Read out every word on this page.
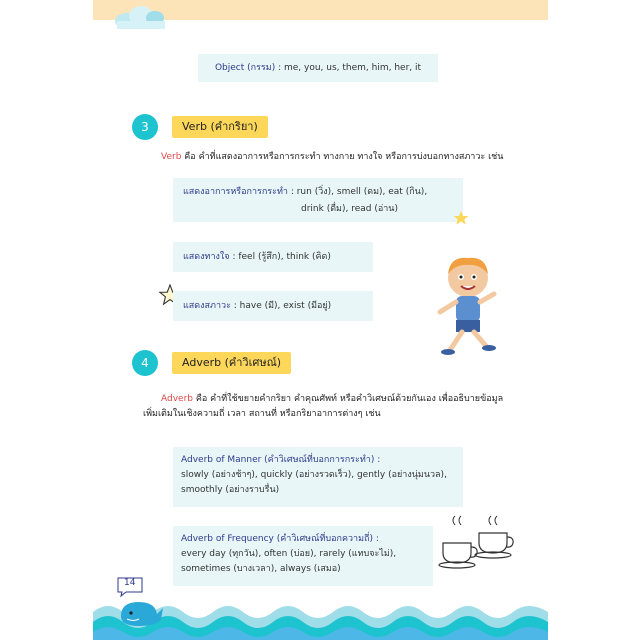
Object (กรรม) : me, you, us, them, him, her, it
3	Verb (คำกริยา)
Verb คือ คำที่แสดงอาการหรือการกระทำ ทางกาย ทางใจ หรือการบ่งบอกทางสภาวะ เช่น
แสดงอาการหรือการกระทำ : run (วิ่ง), smell (ดม), eat (กิน),
drink (ดื่ม), read (อ่าน)
แสดงทางใจ : feel (รู้สึก), think (คิด)
แสดงสภาวะ : have (มี), exist (มีอยู่)
4	Adverb (คำวิเศษณ์)
Adverb คือ คำที่ใช้ขยายคำกริยา คำคุณศัพท์ หรือคำวิเศษณ์ด้วยกันเอง เพื่ออธิบายข้อมูล
เพิ่มเติมในเชิงความถี่ เวลา สถานที่ หรือกริยาอาการต่างๆ เช่น
Adverb of Manner (คำวิเศษณ์ที่บอกการกระทำ) :
slowly (อย่างช้าๆ), quickly (อย่างรวดเร็ว), gently (อย่างนุ่มนวล),
smoothly (อย่างราบรื่น)
Adverb of Frequency (คำวิเศษณ์ที่บอกความถี่) :
every day (ทุกวัน), often (บ่อย), rarely (แทบจะไม่),
sometimes (บางเวลา), always (เสมอ)
14
